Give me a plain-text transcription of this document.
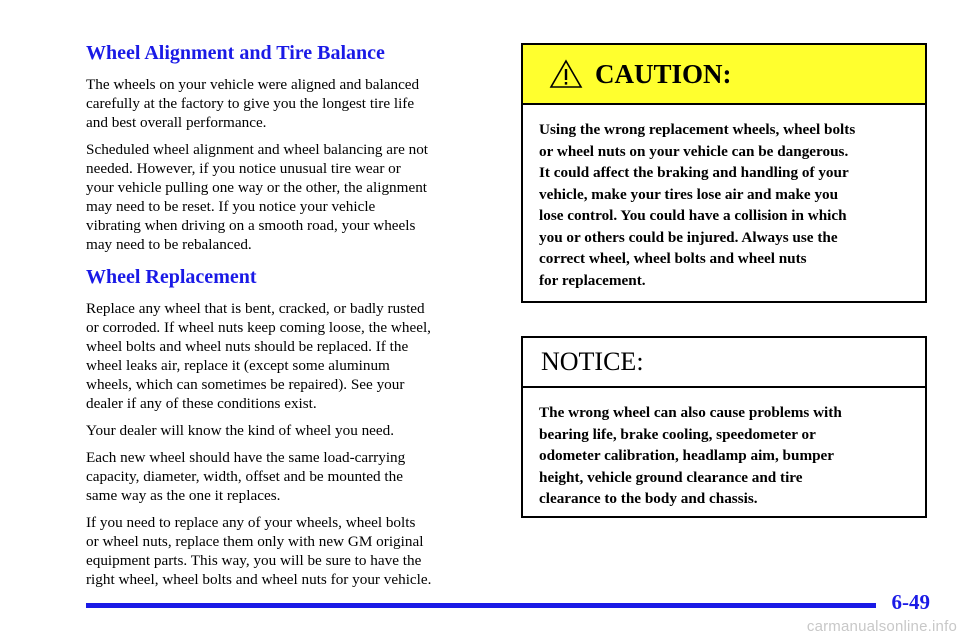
Wheel Alignment and Tire Balance

The wheels on your vehicle were aligned and balanced
carefully at the factory to give you the longest tire life
and best overall performance.

Scheduled wheel alignment and wheel balancing are not
needed. However, if you notice unusual tire wear or
your vehicle pulling one way or the other, the alignment
may need to be reset. If you notice your vehicle
vibrating when driving on a smooth road, your wheels
may need to be rebalanced.

Wheel Replacement

Replace any wheel that is bent, cracked, or badly rusted
or corroded. If wheel nuts keep coming loose, the wheel,
wheel bolts and wheel nuts should be replaced. If the
wheel leaks air, replace it (except some aluminum
wheels, which can sometimes be repaired). See your
dealer if any of these conditions exist.

Your dealer will know the kind of wheel you need.

Each new wheel should have the same load-carrying
capacity, diameter, width, offset and be mounted the
same way as the one it replaces.

If you need to replace any of your wheels, wheel bolts
or wheel nuts, replace them only with new GM original
equipment parts. This way, you will be sure to have the
right wheel, wheel bolts and wheel nuts for your vehicle.

CAUTION:
Using the wrong replacement wheels, wheel bolts
or wheel nuts on your vehicle can be dangerous.
It could affect the braking and handling of your
vehicle, make your tires lose air and make you
lose control. You could have a collision in which
you or others could be injured. Always use the
correct wheel, wheel bolts and wheel nuts
for replacement.
NOTICE:
The wrong wheel can also cause problems with
bearing life, brake cooling, speedometer or
odometer calibration, headlamp aim, bumper
height, vehicle ground clearance and tire
clearance to the body and chassis.
6-49
carmanualsonline.info
